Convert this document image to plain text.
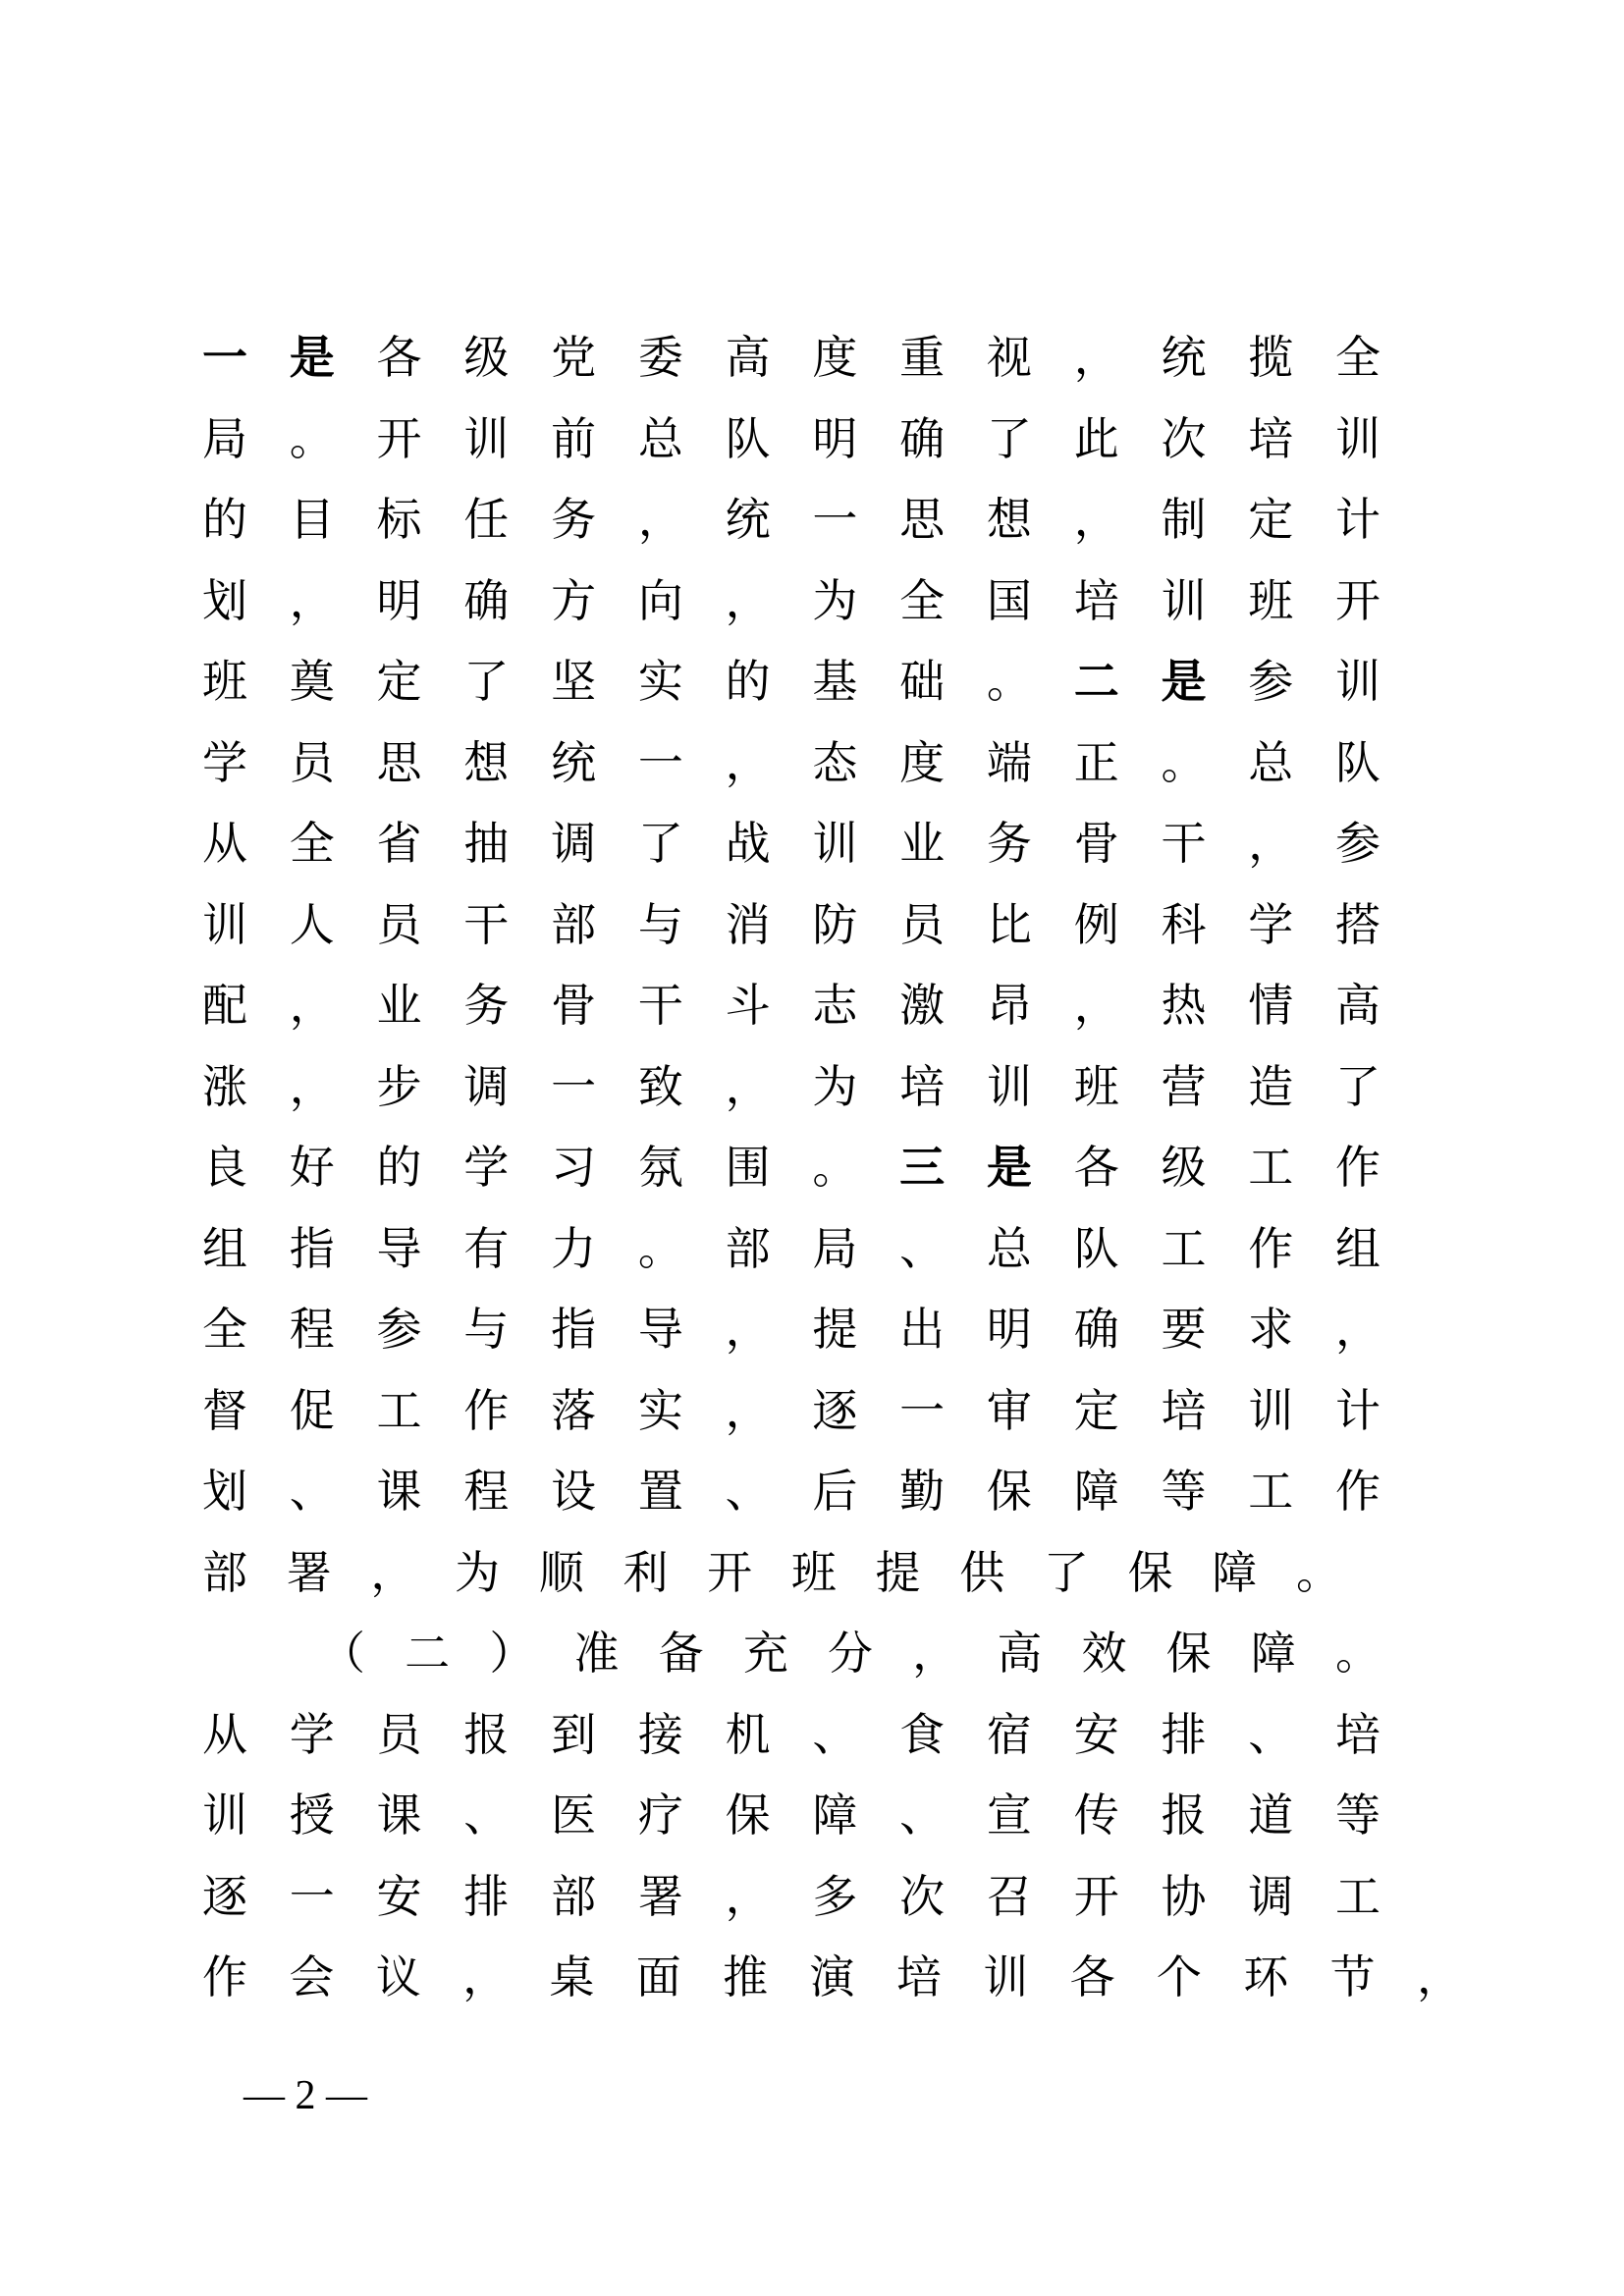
一是各级党委高度重视，统揽全
局。开训前总队明确了此次培训
的目标任务，统一思想，制定计
划，明确方向，为全国培训班开
班奠定了坚实的基础。二是参训
学员思想统一，态度端正。总队
从全省抽调了战训业务骨干，参
训人员干部与消防员比例科学搭
配，业务骨干斗志激昂，热情高
涨，步调一致，为培训班营造了
良好的学习氛围。三是各级工作
组指导有力。部局、总队工作组
全程参与指导，提出明确要求，
督促工作落实，逐一审定培训计
划、课程设置、后勤保障等工作
部署，为顺利开班提供了保障。
（二）准备充分，高效保障。
从学员报到接机、食宿安排、培
训授课、医疗保障、宣传报道等
逐一安排部署，多次召开协调工
作会议，桌面推演培训各个环节，
— 2 —
